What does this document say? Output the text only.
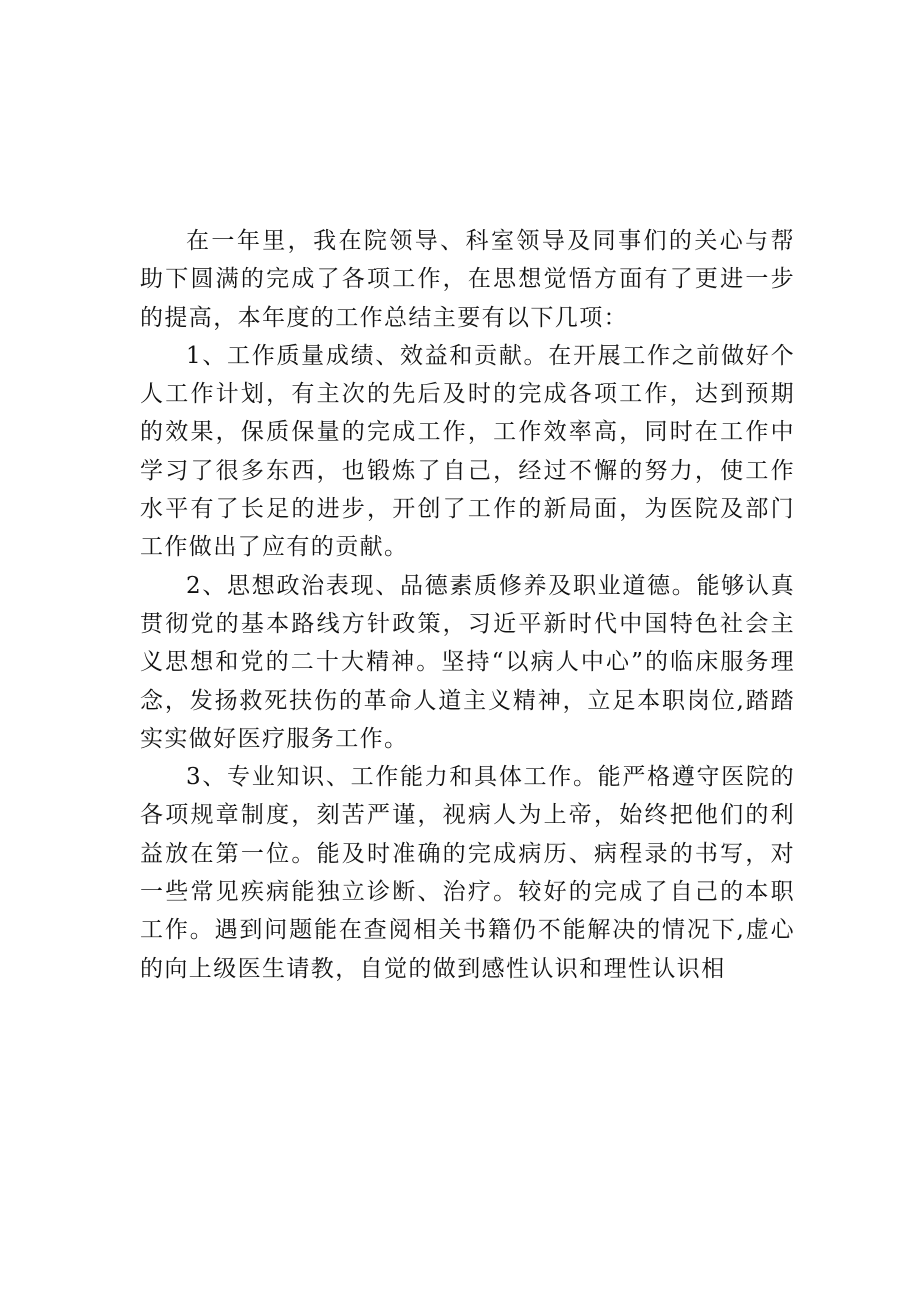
在一年里，我在院领导、科室领导及同事们的关心与帮助下圆满的完成了各项工作，在思想觉悟方面有了更进一步的提高，本年度的工作总结主要有以下几项：

1、工作质量成绩、效益和贡献。在开展工作之前做好个人工作计划，有主次的先后及时的完成各项工作，达到预期的效果，保质保量的完成工作，工作效率高，同时在工作中学习了很多东西，也锻炼了自己，经过不懈的努力，使工作水平有了长足的进步，开创了工作的新局面，为医院及部门工作做出了应有的贡献。

2、思想政治表现、品德素质修养及职业道德。能够认真贯彻党的基本路线方针政策，习近平新时代中国特色社会主义思想和党的二十大精神。坚持“以病人中心”的临床服务理念，发扬救死扶伤的革命人道主义精神，立足本职岗位,踏踏实实做好医疗服务工作。

3、专业知识、工作能力和具体工作。能严格遵守医院的各项规章制度，刻苦严谨，视病人为上帝，始终把他们的利益放在第一位。能及时准确的完成病历、病程录的书写，对一些常见疾病能独立诊断、治疗。较好的完成了自己的本职工作。遇到问题能在查阅相关书籍仍不能解决的情况下,虚心的向上级医生请教，自觉的做到感性认识和理性认识相
